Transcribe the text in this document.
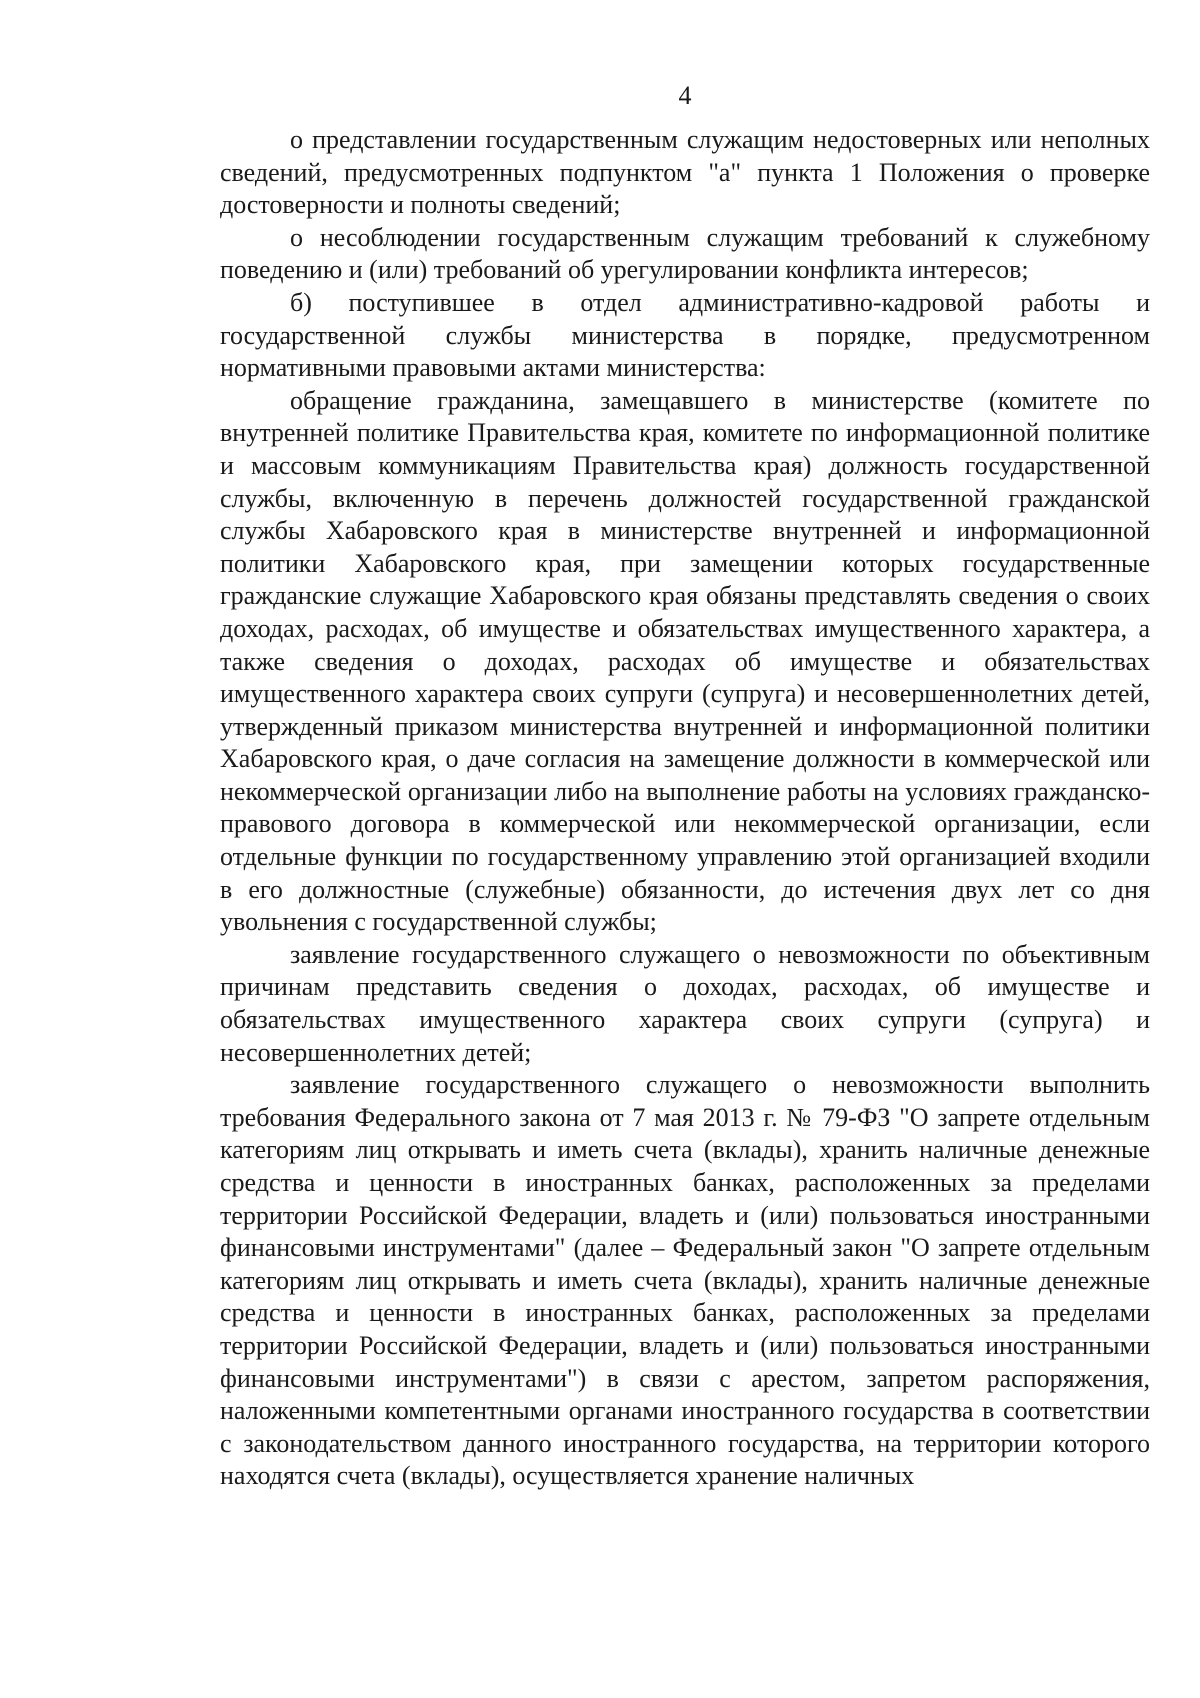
4

о представлении государственным служащим недостоверных или неполных сведений, предусмотренных подпунктом "а" пункта 1 Положения о проверке достоверности и полноты сведений;

о несоблюдении государственным служащим требований к служебному поведению и (или) требований об урегулировании конфликта интересов;

б) поступившее в отдел административно-кадровой работы и государственной службы министерства в порядке, предусмотренном нормативными правовыми актами министерства:

обращение гражданина, замещавшего в министерстве (комитете по внутренней политике Правительства края, комитете по информационной политике и массовым коммуникациям Правительства края) должность государственной службы, включенную в перечень должностей государственной гражданской службы Хабаровского края в министерстве внутренней и информационной политики Хабаровского края, при замещении которых государственные гражданские служащие Хабаровского края обязаны представлять сведения о своих доходах, расходах, об имуществе и обязательствах имущественного характера, а также сведения о доходах, расходах об имуществе и обязательствах имущественного характера своих супруги (супруга) и несовершеннолетних детей, утвержденный приказом министерства внутренней и информационной политики Хабаровского края, о даче согласия на замещение должности в коммерческой или некоммерческой организации либо на выполнение работы на условиях гражданско-правового договора в коммерческой или некоммерческой организации, если отдельные функции по государственному управлению этой организацией входили в его должностные (служебные) обязанности, до истечения двух лет со дня увольнения с государственной службы;

заявление государственного служащего о невозможности по объективным причинам представить сведения о доходах, расходах, об имуществе и обязательствах имущественного характера своих супруги (супруга) и несовершеннолетних детей;

заявление государственного служащего о невозможности выполнить требования Федерального закона от 7 мая 2013 г. № 79-ФЗ "О запрете отдельным категориям лиц открывать и иметь счета (вклады), хранить наличные денежные средства и ценности в иностранных банках, расположенных за пределами территории Российской Федерации, владеть и (или) пользоваться иностранными финансовыми инструментами" (далее – Федеральный закон "О запрете отдельным категориям лиц открывать и иметь счета (вклады), хранить наличные денежные средства и ценности в иностранных банках, расположенных за пределами территории Российской Федерации, владеть и (или) пользоваться иностранными финансовыми инструментами") в связи с арестом, запретом распоряжения, наложенными компетентными органами иностранного государства в соответствии с законодательством данного иностранного государства, на территории которого находятся счета (вклады), осуществляется хранение наличных
